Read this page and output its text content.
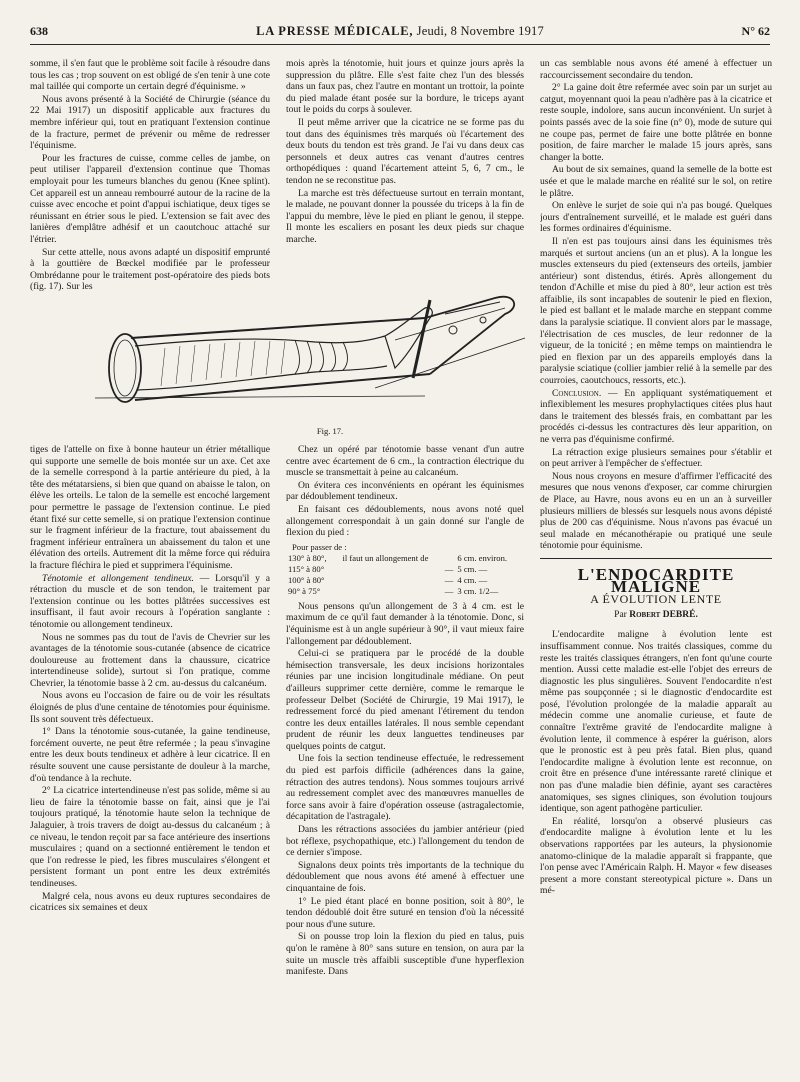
638	LA PRESSE MÉDICALE, Jeudi, 8 Novembre 1917	N° 62

somme, il s'en faut que le problème soit facile à résoudre dans tous les cas ; trop souvent on est obligé de s'en tenir à une cote mal taillée qui comporte un certain degré d'équinisme. »

Nous avons présenté à la Société de Chirurgie (séance du 22 Mai 1917) un dispositif applicable aux fractures du membre inférieur qui, tout en pratiquant l'extension continue de la fracture, permet de prévenir ou même de redresser l'équinisme.

Pour les fractures de cuisse, comme celles de jambe, on peut utiliser l'appareil d'extension continue que Thomas employait pour les tumeurs blanches du genou (Knee splint). Cet appareil est un anneau rembourré autour de la racine de la cuisse avec encoche et point d'appui ischiatique, deux tiges se réunissant en étrier sous le pied. L'extension se fait avec des lanières d'emplâtre adhésif et un caoutchouc attaché sur l'étrier.

Sur cette attelle, nous avons adapté un dispositif emprunté à la gouttière de Bœckel modifiée par le professeur Ombrédanne pour le traitement post-opératoire des pieds bots (fig. 17). Sur les

mois après la ténotomie, huit jours et quinze jours après la suppression du plâtre. Elle s'est faite chez l'un des blessés dans un faux pas, chez l'autre en montant un trottoir, la pointe du pied malade étant posée sur la bordure, le triceps ayant tout le poids du corps à soulever.

Il peut même arriver que la cicatrice ne se forme pas du tout dans des équinismes très marqués où l'écartement des deux bouts du tendon est très grand. Je l'ai vu dans deux cas personnels et deux autres cas venant d'autres centres orthopédiques : quand l'écartement atteint 5, 6, 7 cm., le tendon ne se reconstitue pas.

La marche est très défectueuse surtout en terrain montant, le malade, ne pouvant donner la poussée du triceps à la fin de l'appui du membre, lève le pied en pliant le genou, il steppe. Il monte les escaliers en posant les deux pieds sur chaque marche.

Fig. 17.

tiges de l'attelle on fixe à bonne hauteur un étrier métallique qui supporte une semelle de bois montée sur un axe. Cet axe de la semelle correspond à la partie antérieure du pied, à la tête des métatarsiens, si bien que quand on abaisse le talon, on élève les orteils. Le talon de la semelle est encoché largement pour permettre le passage de l'extension continue. Le pied étant fixé sur cette semelle, si on pratique l'extension continue sur le fragment inférieur de la fracture, tout abaissement du fragment inférieur entraînera un abaissement du talon et une élévation des orteils. Autrement dit la même force qui réduira la fracture fléchira le pied et supprimera l'équinisme.

Ténotomie et allongement tendineux. — Lorsqu'il y a rétraction du muscle et de son tendon, le traitement par l'extension continue ou les bottes plâtrées successives est insuffisant, il faut avoir recours à l'opération sanglante : ténotomie ou allongement tendineux.

Nous ne sommes pas du tout de l'avis de Chevrier sur les avantages de la ténotomie sous-cutanée (absence de cicatrice douloureuse au frottement dans la chaussure, cicatrice intertendineuse solide), surtout si l'on pratique, comme Chevrier, la ténotomie basse à 2 cm. au-dessus du calcanéum.

Nous avons eu l'occasion de faire ou de voir les résultats éloignés de plus d'une centaine de ténotomies pour équinisme. Ils sont souvent très défectueux.

1° Dans la ténotomie sous-cutanée, la gaine tendineuse, forcément ouverte, ne peut être refermée ; la peau s'invagine entre les deux bouts tendineux et adhère à leur cicatrice. Il en résulte souvent une cause persistante de douleur à la marche, d'où tendance à la rechute.

2° La cicatrice intertendineuse n'est pas solide, même si au lieu de faire la ténotomie basse on fait, ainsi que je l'ai toujours pratiqué, la ténotomie haute selon la technique de Jalaguier, à trois travers de doigt au-dessus du calcanéum ; à ce niveau, le tendon reçoit par sa face antérieure des insertions musculaires ; quand on a sectionné entièrement le tendon et que l'on redresse le pied, les fibres musculaires s'élongent et persistent formant un pont entre les deux extrémités tendineuses.

Malgré cela, nous avons eu deux ruptures secondaires de cicatrices six semaines et deux

Chez un opéré par ténotomie basse venant d'un autre centre avec écartement de 6 cm., la contraction électrique du muscle se transmettait à peine au calcanéum.

On évitera ces inconvénients en opérant les équinismes par dédoublement tendineux.

En faisant ces dédoublements, nous avons noté quel allongement correspondait à un gain donné sur l'angle de flexion du pied :

Pour passer de :		
130° à 80°,	il faut un allongement de	6 cm. environ.
115° à 80°	—	5 cm. —
100° à 80°	—	4 cm. —
90° à 75°	—	3 cm. 1/2—

Nous pensons qu'un allongement de 3 à 4 cm. est le maximum de ce qu'il faut demander à la ténotomie. Donc, si l'équinisme est à un angle supérieur à 90°, il vaut mieux faire l'allongement par dédoublement.

Celui-ci se pratiquera par le procédé de la double hémisection transversale, les deux incisions horizontales réunies par une incision longitudinale médiane. On peut d'ailleurs supprimer cette dernière, comme le remarque le professeur Delbet (Société de Chirurgie, 19 Mai 1917), le redressement forcé du pied amenant l'étirement du tendon contre les deux entailles latérales. Il nous semble cependant prudent de réunir les deux languettes tendineuses par quelques points de catgut.

Une fois la section tendineuse effectuée, le redressement du pied est parfois difficile (adhérences dans la gaine, rétraction des autres tendons). Nous sommes toujours arrivé au redressement complet avec des manœuvres manuelles de force sans avoir à faire d'opération osseuse (astragalectomie, décapitation de l'astragale).

Dans les rétractions associées du jambier antérieur (pied bot réflexe, psychopathique, etc.) l'allongement du tendon de ce dernier s'impose.

Signalons deux points très importants de la technique du dédoublement que nous avons été amené à effectuer une cinquantaine de fois.

1° Le pied étant placé en bonne position, soit à 80°, le tendon dédoublé doit être suturé en tension d'où la nécessité pour nous d'une suture.

Si on pousse trop loin la flexion du pied en talus, puis qu'on le ramène à 80° sans suture en tension, on aura par la suite un muscle très affaibli susceptible d'une hyperflexion manifeste. Dans

un cas semblable nous avons été amené à effectuer un raccourcissement secondaire du tendon.

2° La gaine doit être refermée avec soin par un surjet au catgut, moyennant quoi la peau n'adhère pas à la cicatrice et reste souple, indolore, sans aucun inconvénient. Un surjet à points passés avec de la soie fine (n° 0), mode de suture qui ne coupe pas, permet de faire une botte plâtrée en bonne position, de faire marcher le malade 15 jours après, sans changer la botte.

Au bout de six semaines, quand la semelle de la botte est usée et que le malade marche en réalité sur le sol, on retire le plâtre.

On enlève le surjet de soie qui n'a pas bougé. Quelques jours d'entraînement surveillé, et le malade est guéri dans les formes ordinaires d'équinisme.

Il n'en est pas toujours ainsi dans les équinismes très marqués et surtout anciens (un an et plus). A la longue les muscles extenseurs du pied (extenseurs des orteils, jambier antérieur) sont distendus, étirés. Après allongement du tendon d'Achille et mise du pied à 80°, leur action est très affaiblie, ils sont incapables de soutenir le pied en flexion, le pied est ballant et le malade marche en steppant comme dans la paralysie sciatique. Il convient alors par le massage, l'électrisation de ces muscles, de leur redonner de la vigueur, de la tonicité ; en même temps on maintiendra le pied en flexion par un des appareils employés dans la paralysie sciatique (collier jambier relié à la semelle par des courroies, caoutchoucs, ressorts, etc.).

Conclusion. — En appliquant systématiquement et inflexiblement les mesures prophylactiques citées plus haut dans le traitement des blessés frais, en combattant par les procédés ci-dessus les contractures dès leur apparition, on ne verra pas d'équinisme confirmé.

La rétraction exige plusieurs semaines pour s'établir et on peut arriver à l'empêcher de s'effectuer.

Nous nous croyons en mesure d'affirmer l'efficacité des mesures que nous venons d'exposer, car comme chirurgien de Place, au Havre, nous avons eu en un an à surveiller plusieurs milliers de blessés sur lesquels nous avons dépisté plus de 200 cas d'équinisme. Nous n'avons pas évacué un seul malade en mécanothérapie ou pratiqué une seule ténotomie pour équinisme.

L'ENDOCARDITE MALIGNE
A ÉVOLUTION LENTE
Par Robert DEBRÉ.

L'endocardite maligne à évolution lente est insuffisamment connue. Nos traités classiques, comme du reste les traités classiques étrangers, n'en font qu'une courte mention. Aussi cette maladie est-elle l'objet des erreurs de diagnostic les plus singulières. Souvent l'endocardite n'est même pas soupçonnée ; si le diagnostic d'endocardite est posé, l'évolution prolongée de la maladie apparaît au médecin comme une anomalie curieuse, et faute de connaître l'extrême gravité de l'endocardite maligne à évolution lente, il commence à espérer la guérison, alors que le pronostic est à peu près fatal. Bien plus, quand l'endocardite maligne à évolution lente est reconnue, on croit être en présence d'une intéressante rareté clinique et non pas d'une maladie bien définie, ayant ses caractères anatomiques, ses signes cliniques, son évolution toujours identique, son agent pathogène particulier.

En réalité, lorsqu'on a observé plusieurs cas d'endocardite maligne à évolution lente et lu les observations rapportées par les auteurs, la physionomie anatomo-clinique de la maladie apparaît si frappante, que l'on pense avec l'Américain Ralph. H. Mayor « few diseases present a more constant stereotypical picture ». Dans un mé-
